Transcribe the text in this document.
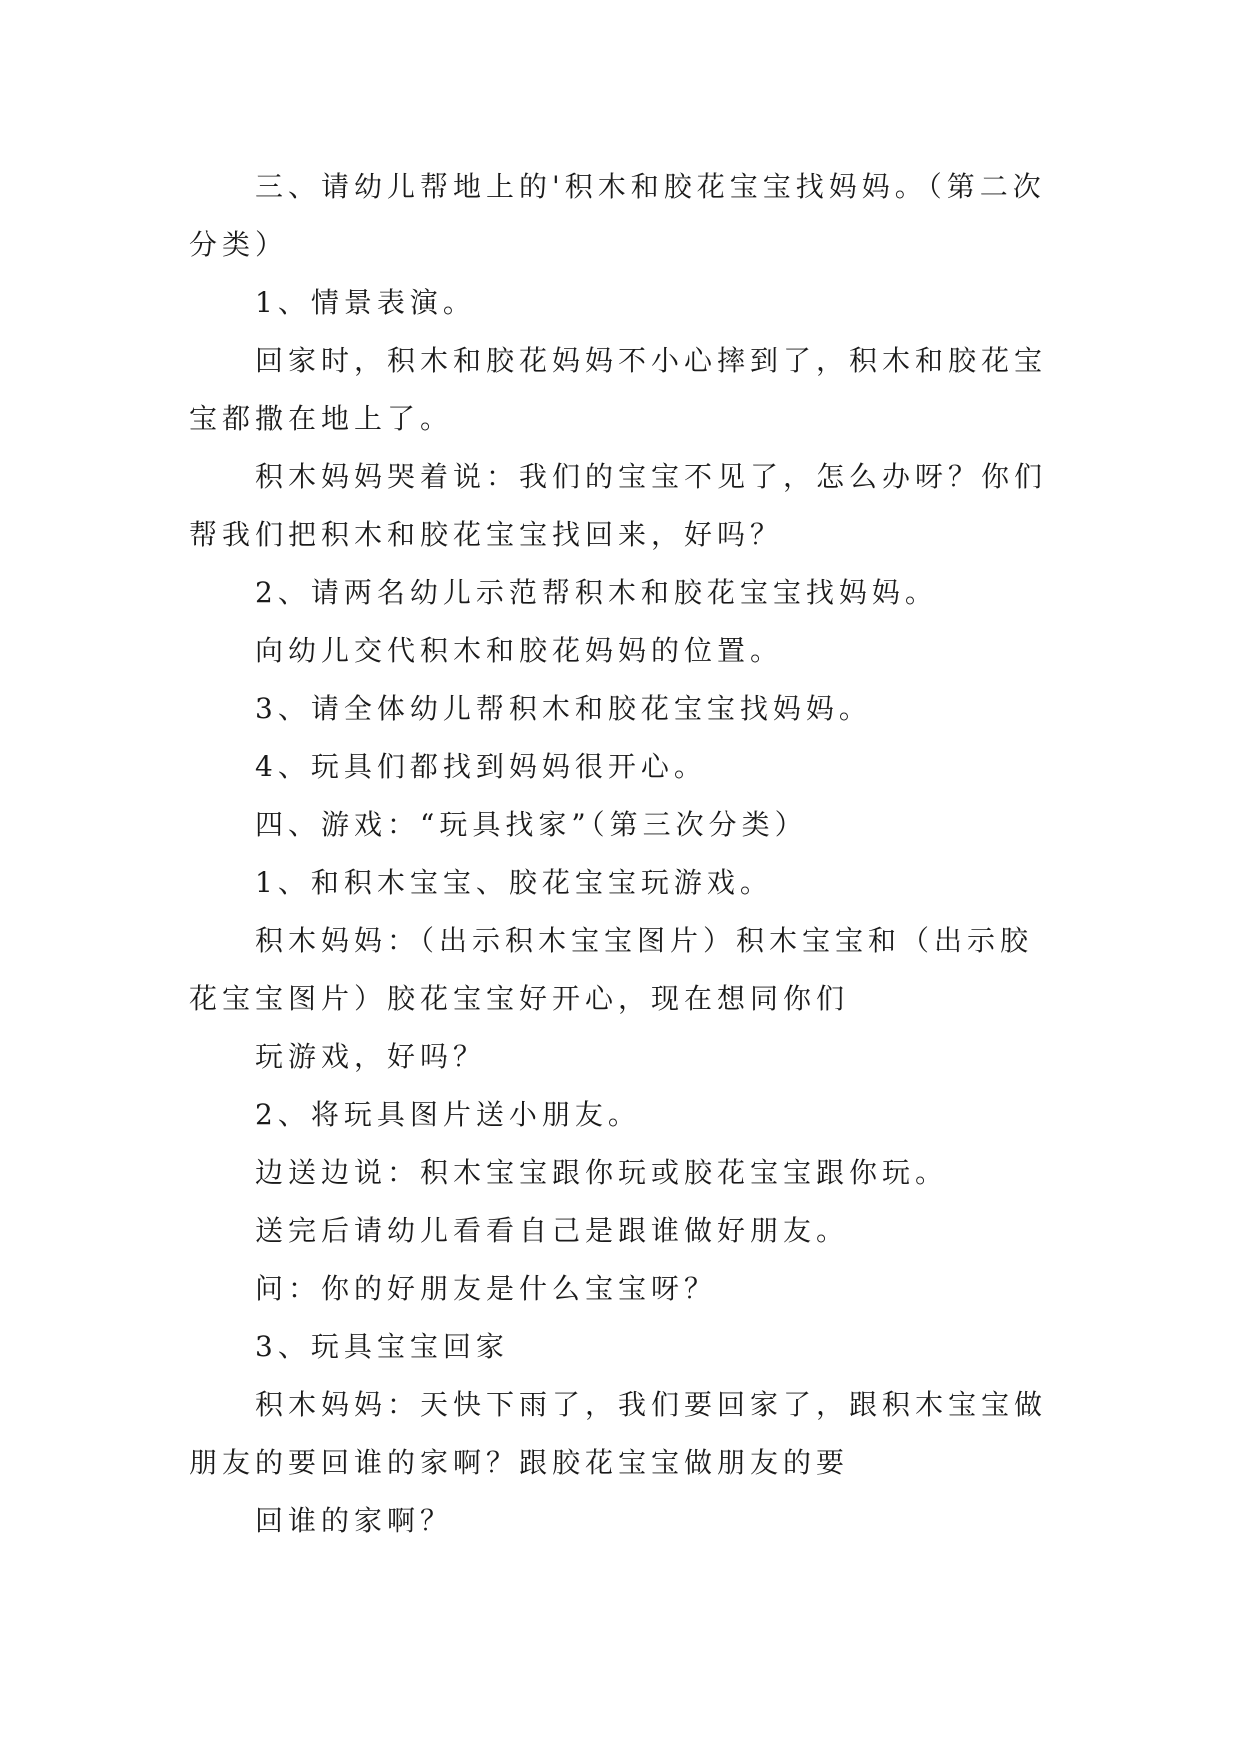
三、请幼儿帮地上的'积木和胶花宝宝找妈妈。（第二次分类）

1、情景表演。

回家时，积木和胶花妈妈不小心摔到了，积木和胶花宝宝都撒在地上了。

积木妈妈哭着说：我们的宝宝不见了，怎么办呀？你们帮我们把积木和胶花宝宝找回来，好吗？

2、请两名幼儿示范帮积木和胶花宝宝找妈妈。

向幼儿交代积木和胶花妈妈的位置。

3、请全体幼儿帮积木和胶花宝宝找妈妈。

4、玩具们都找到妈妈很开心。

四、游戏：“玩具找家”（第三次分类）

1、和积木宝宝、胶花宝宝玩游戏。

积木妈妈：（出示积木宝宝图片）积木宝宝和（出示胶花宝宝图片）胶花宝宝好开心，现在想同你们

玩游戏，好吗？

2、将玩具图片送小朋友。

边送边说：积木宝宝跟你玩或胶花宝宝跟你玩。

送完后请幼儿看看自己是跟谁做好朋友。

问：你的好朋友是什么宝宝呀？

3、玩具宝宝回家

积木妈妈：天快下雨了，我们要回家了，跟积木宝宝做朋友的要回谁的家啊？跟胶花宝宝做朋友的要

回谁的家啊？
